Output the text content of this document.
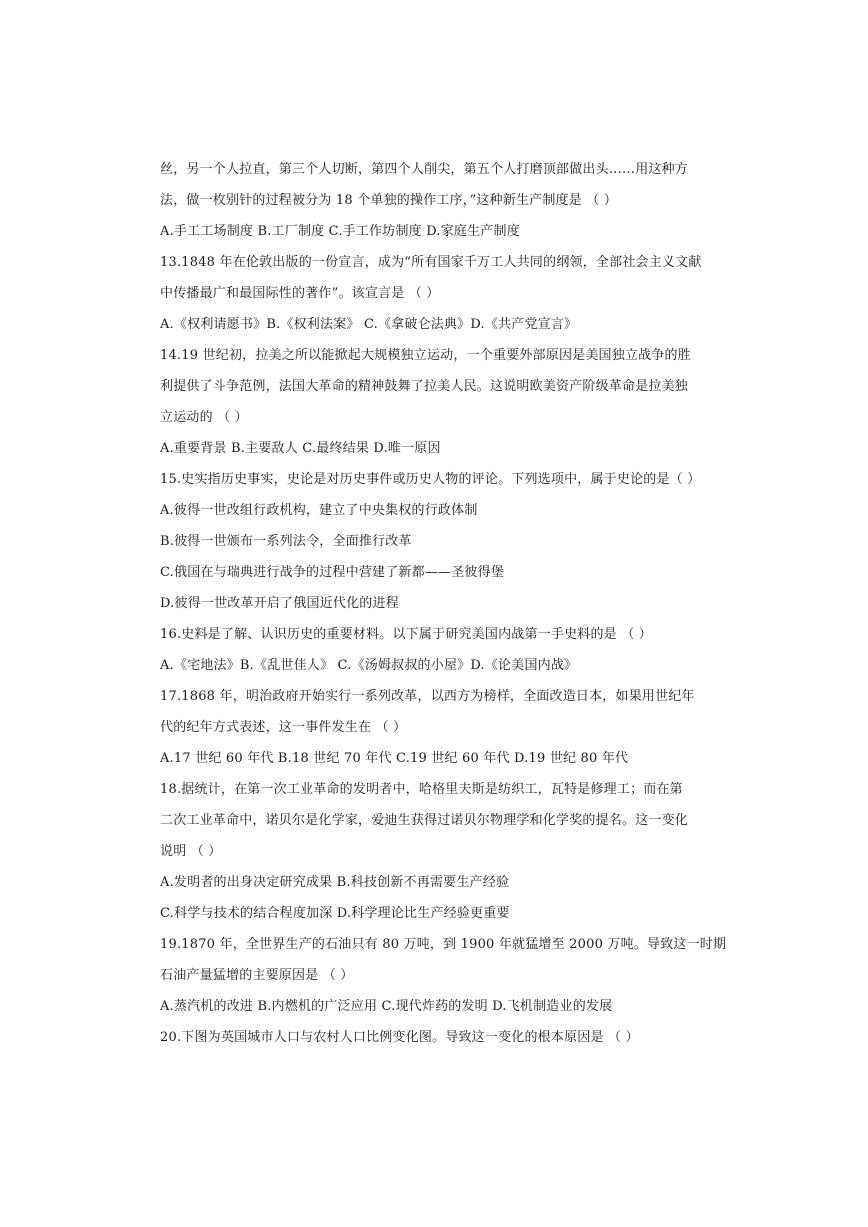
丝，另一个人拉直，第三个人切断，第四个人削尖，第五个人打磨顶部做出头……用这种方
法，做一枚别针的过程被分为 18 个单独的操作工序，”这种新生产制度是 （ ）
A.手工工场制度 B.工厂制度 C.手工作坊制度 D.家庭生产制度
13.1848 年在伦敦出版的一份宣言，成为“所有国家千万工人共同的纲领，全部社会主义文献
中传播最广和最国际性的著作”。该宣言是 （ ）
A.《权利请愿书》B.《权利法案》 C.《拿破仑法典》D.《共产党宣言》
14.19 世纪初，拉美之所以能掀起大规模独立运动，一个重要外部原因是美国独立战争的胜
利提供了斗争范例，法国大革命的精神鼓舞了拉美人民。这说明欧美资产阶级革命是拉美独
立运动的 （ ）
A.重要背景 B.主要敌人 C.最终结果 D.唯一原因
15.史实指历史事实，史论是对历史事件或历史人物的评论。下列选项中，属于史论的是（ ）
A.彼得一世改组行政机构，建立了中央集权的行政体制
B.彼得一世颁布一系列法令，全面推行改革
C.俄国在与瑞典进行战争的过程中营建了新都——圣彼得堡
D.彼得一世改革开启了俄国近代化的进程
16.史料是了解、认识历史的重要材料。以下属于研究美国内战第一手史料的是 （ ）
A.《宅地法》B.《乱世佳人》 C.《汤姆叔叔的小屋》D.《论美国内战》
17.1868 年，明治政府开始实行一系列改革，以西方为榜样，全面改造日本，如果用世纪年
代的纪年方式表述，这一事件发生在 （ ）
A.17 世纪 60 年代 B.18 世纪 70 年代 C.19 世纪 60 年代 D.19 世纪 80 年代
18.据统计，在第一次工业革命的发明者中，哈格里夫斯是纺织工，瓦特是修理工；而在第
二次工业革命中，诺贝尔是化学家，爱迪生获得过诺贝尔物理学和化学奖的提名。这一变化
说明 （ ）
A.发明者的出身决定研究成果 B.科技创新不再需要生产经验
C.科学与技术的结合程度加深 D.科学理论比生产经验更重要
19.1870 年，全世界生产的石油只有 80 万吨，到 1900 年就猛增至 2000 万吨。导致这一时期
石油产量猛增的主要原因是 （ ）
A.蒸汽机的改进 B.内燃机的广泛应用 C.现代炸药的发明 D.飞机制造业的发展
20.下图为英国城市人口与农村人口比例变化图。导致这一变化的根本原因是 （ ）
